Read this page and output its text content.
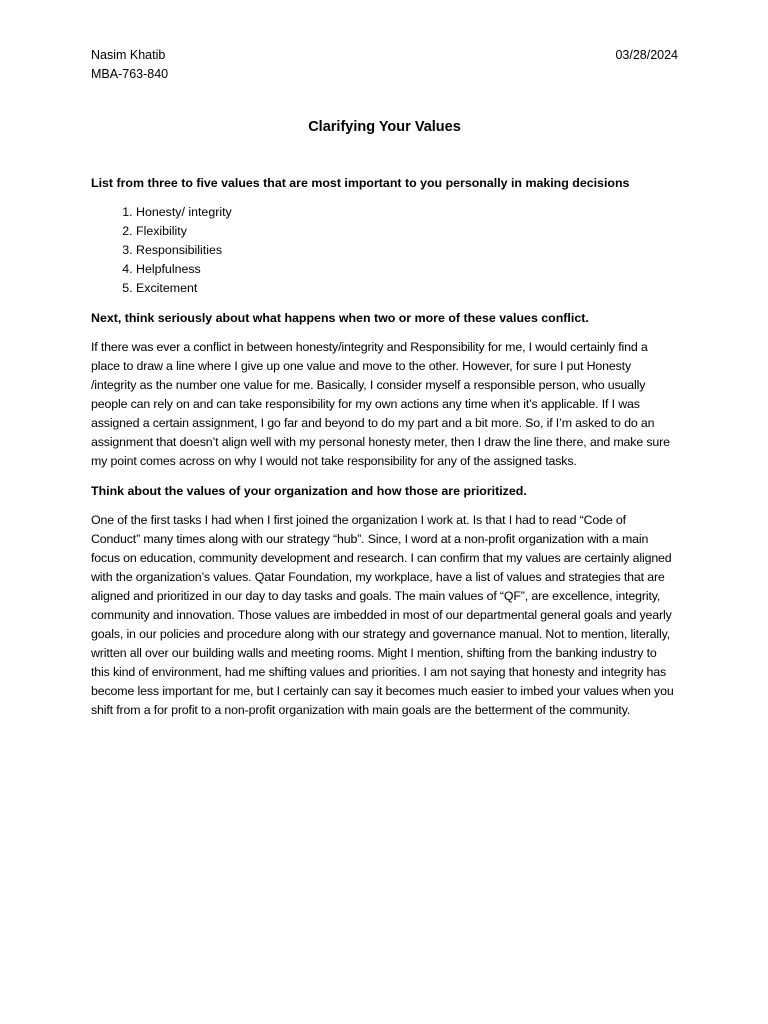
Nasim Khatib
MBA-763-840
03/28/2024
Clarifying Your Values
List from three to five values that are most important to you personally in making decisions
1. Honesty/ integrity
2. Flexibility
3. Responsibilities
4. Helpfulness
5. Excitement
Next, think seriously about what happens when two or more of these values conflict.

If there was ever a conflict in between honesty/integrity and Responsibility for me, I would certainly find a place to draw a line where I give up one value and move to the other. However, for sure I put Honesty /integrity as the number one value for me. Basically, I consider myself a responsible person, who usually people can rely on and can take responsibility for my own actions any time when it’s applicable. If I was assigned a certain assignment, I go far and beyond to do my part and a bit more. So, if I’m asked to do an assignment that doesn’t align well with my personal honesty meter, then I draw the line there, and make sure my point comes across on why I would not take responsibility for any of the assigned tasks.

Think about the values of your organization and how those are prioritized.

One of the first tasks I had when I first joined the organization I work at. Is that I had to read “Code of Conduct” many times along with our strategy “hub”. Since, I word at a non-profit organization with a main focus on education, community development and research. I can confirm that my values are certainly aligned with the organization’s values. Qatar Foundation, my workplace, have a list of values and strategies that are aligned and prioritized in our day to day tasks and goals. The main values of “QF”, are excellence, integrity, community and innovation. Those values are imbedded in most of our departmental general goals and yearly goals, in our policies and procedure along with our strategy and governance manual. Not to mention, literally, written all over our building walls and meeting rooms. Might I mention, shifting from the banking industry to this kind of environment, had me shifting values and priorities. I am not saying that honesty and integrity has become less important for me, but I certainly can say it becomes much easier to imbed your values when you shift from a for profit to a non-profit organization with main goals are the betterment of the community.
